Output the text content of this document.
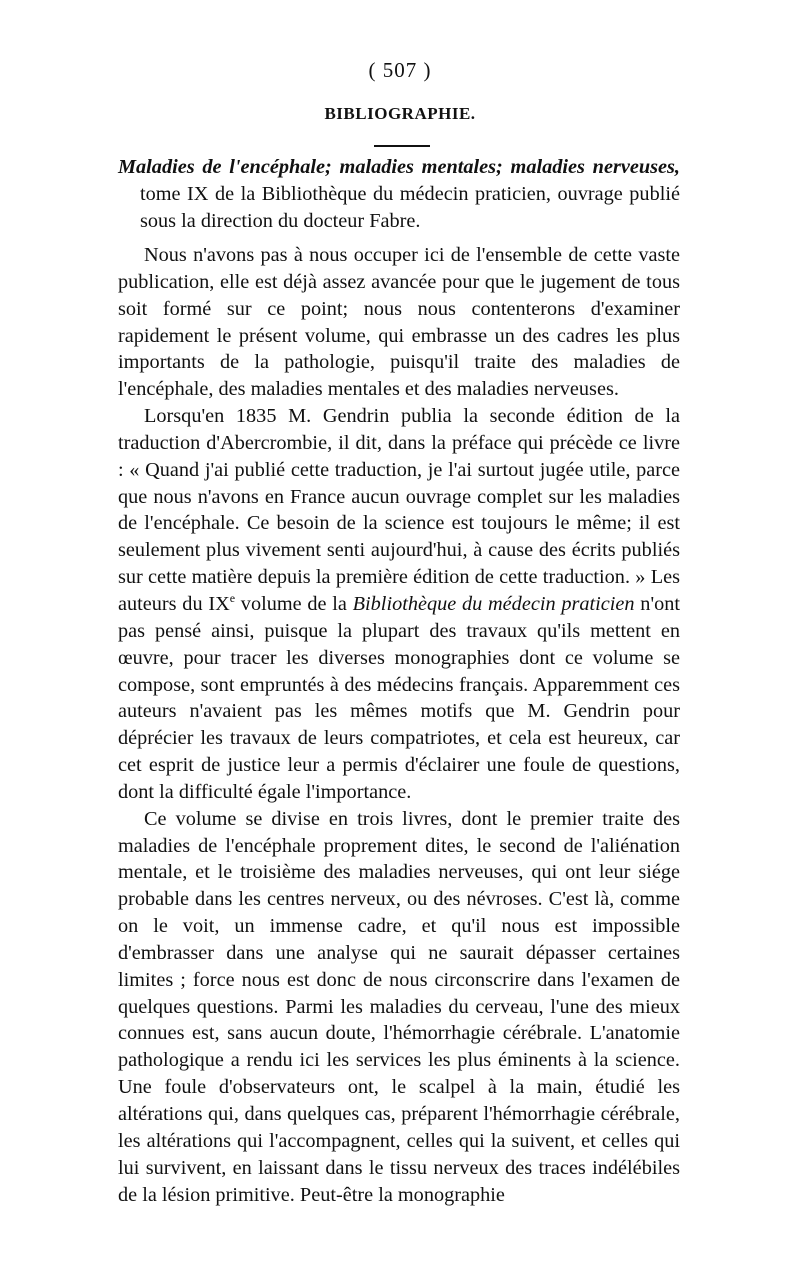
( 507 )
BIBLIOGRAPHIE.

Maladies de l'encéphale; maladies mentales; maladies nerveuses, tome IX de la Bibliothèque du médecin praticien, ouvrage publié sous la direction du docteur Fabre.

Nous n'avons pas à nous occuper ici de l'ensemble de cette vaste publication, elle est déjà assez avancée pour que le jugement de tous soit formé sur ce point; nous nous contenterons d'examiner rapidement le présent volume, qui embrasse un des cadres les plus importants de la pathologie, puisqu'il traite des maladies de l'encéphale, des maladies mentales et des maladies nerveuses.

Lorsqu'en 1835 M. Gendrin publia la seconde édition de la traduction d'Abercrombie, il dit, dans la préface qui précède ce livre : « Quand j'ai publié cette traduction, je l'ai surtout jugée utile, parce que nous n'avons en France aucun ouvrage complet sur les maladies de l'encéphale. Ce besoin de la science est toujours le même; il est seulement plus vivement senti aujourd'hui, à cause des écrits publiés sur cette matière depuis la première édition de cette traduction. » Les auteurs du IXe volume de la Bibliothèque du médecin praticien n'ont pas pensé ainsi, puisque la plupart des travaux qu'ils mettent en œuvre, pour tracer les diverses monographies dont ce volume se compose, sont empruntés à des médecins français. Apparemment ces auteurs n'avaient pas les mêmes motifs que M. Gendrin pour déprécier les travaux de leurs compatriotes, et cela est heureux, car cet esprit de justice leur a permis d'éclairer une foule de questions, dont la difficulté égale l'importance.

Ce volume se divise en trois livres, dont le premier traite des maladies de l'encéphale proprement dites, le second de l'aliénation mentale, et le troisième des maladies nerveuses, qui ont leur siége probable dans les centres nerveux, ou des névroses. C'est là, comme on le voit, un immense cadre, et qu'il nous est impossible d'embrasser dans une analyse qui ne saurait dépasser certaines limites ; force nous est donc de nous circonscrire dans l'examen de quelques questions. Parmi les maladies du cerveau, l'une des mieux connues est, sans aucun doute, l'hémorrhagie cérébrale. L'anatomie pathologique a rendu ici les services les plus éminents à la science. Une foule d'observateurs ont, le scalpel à la main, étudié les altérations qui, dans quelques cas, préparent l'hémorrhagie cérébrale, les altérations qui l'accompagnent, celles qui la suivent, et celles qui lui survivent, en laissant dans le tissu nerveux des traces indélébiles de la lésion primitive. Peut-être la monographie
